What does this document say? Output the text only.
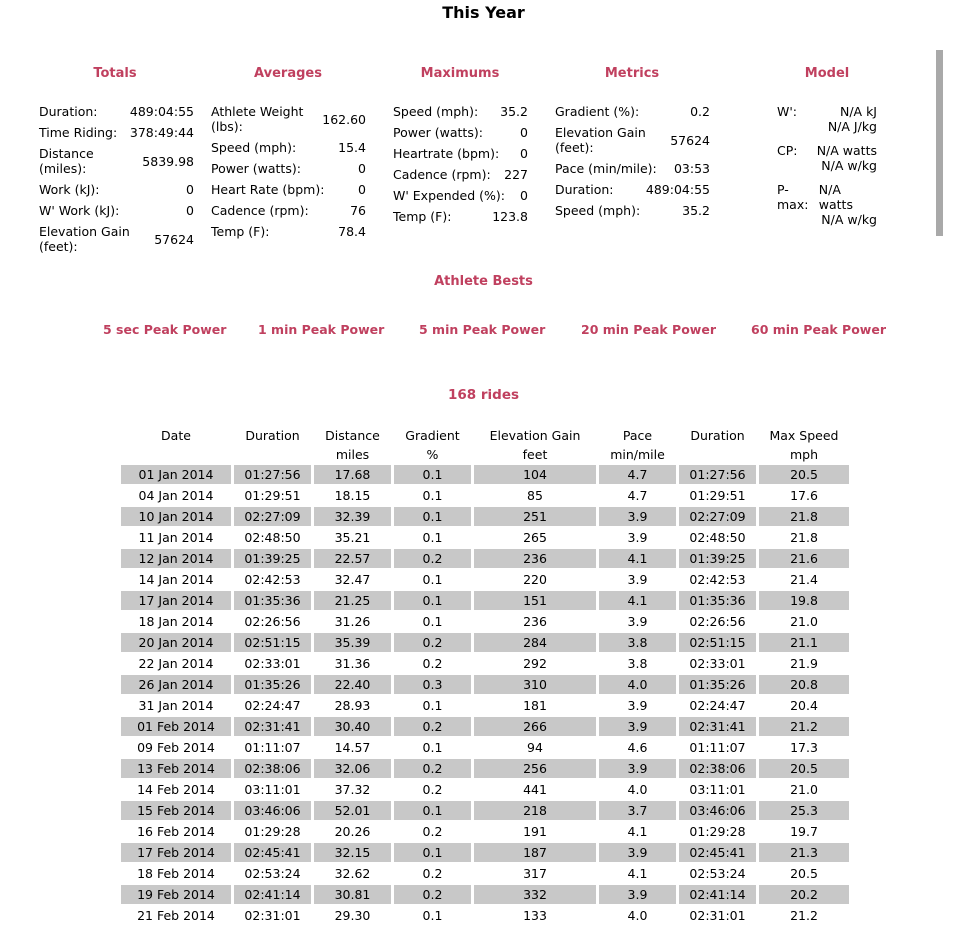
This Year
Totals	Averages	Maximums	Metrics	Model
Duration:	489:04:55
Time Riding: 378:49:44
Distance (miles):	5839.98
Work (kJ):	0
W' Work (kJ):	0
Elevation Gain (feet):	57624
Athlete Weight (lbs):	162.60
Speed (mph):	15.4
Power (watts):	0
Heart Rate (bpm):	0
Cadence (rpm):	76
Temp (F):	78.4
Speed (mph): 35.2
Power (watts):	0
Heartrate (bpm): 0
Cadence (rpm): 227
W' Expended (%): 0
Temp (F):	123.8
Gradient (%):	0.2
Elevation Gain (feet):	57624
Pace (min/mile): 03:53
Duration:	489:04:55
Speed (mph):	35.2
W':	N/A kJ
N/A J/kg
CP: N/A watts
N/A w/kg
P-max:
N/A watts
N/A w/kg
Athlete Bests
5 sec Peak Power	1 min Peak Power	5 min Peak Power	20 min Peak Power	60 min Peak Power
168 rides
Date	Duration	Distance	Gradient	Elevation Gain	Pace	Duration	Max Speed
		miles	%	feet	min/mile		mph
01 Jan 2014	01:27:56	17.68	0.1	104	4.7	01:27:56	20.5
04 Jan 2014	01:29:51	18.15	0.1	85	4.7	01:29:51	17.6
10 Jan 2014	02:27:09	32.39	0.1	251	3.9	02:27:09	21.8
11 Jan 2014	02:48:50	35.21	0.1	265	3.9	02:48:50	21.8
12 Jan 2014	01:39:25	22.57	0.2	236	4.1	01:39:25	21.6
14 Jan 2014	02:42:53	32.47	0.1	220	3.9	02:42:53	21.4
17 Jan 2014	01:35:36	21.25	0.1	151	4.1	01:35:36	19.8
18 Jan 2014	02:26:56	31.26	0.1	236	3.9	02:26:56	21.0
20 Jan 2014	02:51:15	35.39	0.2	284	3.8	02:51:15	21.1
22 Jan 2014	02:33:01	31.36	0.2	292	3.8	02:33:01	21.9
26 Jan 2014	01:35:26	22.40	0.3	310	4.0	01:35:26	20.8
31 Jan 2014	02:24:47	28.93	0.1	181	3.9	02:24:47	20.4
01 Feb 2014	02:31:41	30.40	0.2	266	3.9	02:31:41	21.2
09 Feb 2014	01:11:07	14.57	0.1	94	4.6	01:11:07	17.3
13 Feb 2014	02:38:06	32.06	0.2	256	3.9	02:38:06	20.5
14 Feb 2014	03:11:01	37.32	0.2	441	4.0	03:11:01	21.0
15 Feb 2014	03:46:06	52.01	0.1	218	3.7	03:46:06	25.3
16 Feb 2014	01:29:28	20.26	0.2	191	4.1	01:29:28	19.7
17 Feb 2014	02:45:41	32.15	0.1	187	3.9	02:45:41	21.3
18 Feb 2014	02:53:24	32.62	0.2	317	4.1	02:53:24	20.5
19 Feb 2014	02:41:14	30.81	0.2	332	3.9	02:41:14	20.2
21 Feb 2014	02:31:01	29.30	0.1	133	4.0	02:31:01	21.2
